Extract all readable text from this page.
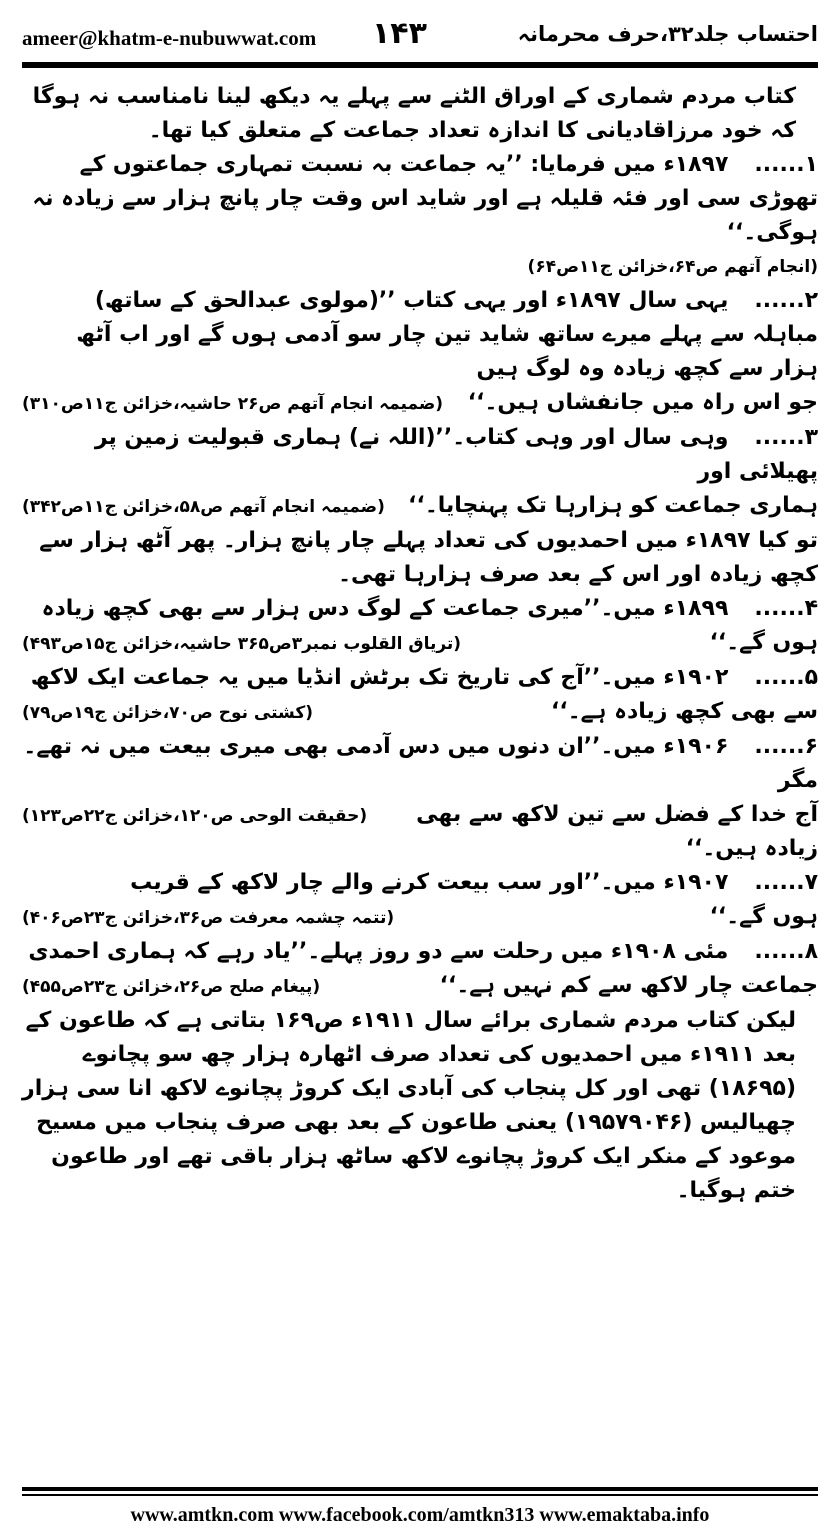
ameer@khatm-e-nubuwwat.com ۱۴۳	احتساب جلد۳۲،حرف محرمانہ

کتاب مردم شماری کے اوراق الٹنے سے پہلے یہ دیکھ لینا نامناسب نہ ہوگا کہ خود مرزاقادیانی کا اندازہ تعداد جماعت کے متعلق کیا تھا۔

۱......۱۸۹۷ء میں فرمایا: ’’یہ جماعت بہ نسبت تمہاری جماعتوں کے تھوڑی سی اور فئہ قلیلہ ہے اور شاید اس وقت چار پانچ ہزار سے زیادہ نہ ہوگی۔‘‘

(انجام آتھم ص۶۴،خزائن ج۱۱ص۶۴)

۲......یہی سال ۱۸۹۷ء اور یہی کتاب ’’(مولوی عبدالحق کے ساتھ) مباہلہ سے پہلے میرے ساتھ شاید تین چار سو آدمی ہوں گے اور اب آٹھ ہزار سے کچھ زیادہ وہ لوگ ہیں

جو اس راہ میں جانفشاں ہیں۔‘‘
(ضمیمہ انجام آتھم ص۲۶ حاشیہ،خزائن ج۱۱ص۳۱۰)

۳......وہی سال اور وہی کتاب۔’’(اللہ نے) ہماری قبولیت زمین پر پھیلائی اور

ہماری جماعت کو ہزارہا تک پہنچایا۔‘‘
(ضمیمہ انجام آتھم ص۵۸،خزائن ج۱۱ص۳۴۲)

تو کیا ۱۸۹۷ء میں احمدیوں کی تعداد پہلے چار پانچ ہزار۔ پھر آٹھ ہزار سے کچھ زیادہ اور اس کے بعد صرف ہزارہا تھی۔

۴......۱۸۹۹ء میں۔’’میری جماعت کے لوگ دس ہزار سے بھی کچھ زیادہ

ہوں گے۔‘‘
(تریاق القلوب نمبر۳ص۳۶۵ حاشیہ،خزائن ج۱۵ص۴۹۳)

۵......۱۹۰۲ء میں۔’’آج کی تاریخ تک برٹش انڈیا میں یہ جماعت ایک لاکھ

سے بھی کچھ زیادہ ہے۔‘‘
(کشتی نوح ص۷۰،خزائن ج۱۹ص۷۹)

۶......۱۹۰۶ء میں۔’’ان دنوں میں دس آدمی بھی میری بیعت میں نہ تھے۔ مگر

آج خدا کے فضل سے تین لاکھ سے بھی زیادہ ہیں۔‘‘
(حقیقت الوحی ص۱۲۰،خزائن ج۲۲ص۱۲۳)

۷......۱۹۰۷ء میں۔’’اور سب بیعت کرنے والے چار لاکھ کے قریب

ہوں گے۔‘‘
(تتمہ چشمہ معرفت ص۳۶،خزائن ج۲۳ص۴۰۶)

۸......مئی ۱۹۰۸ء میں رحلت سے دو روز پہلے۔’’یاد رہے کہ ہماری احمدی

جماعت چار لاکھ سے کم نہیں ہے۔‘‘
(پیغام صلح ص۲۶،خزائن ج۲۳ص۴۵۵)

لیکن کتاب مردم شماری برائے سال ۱۹۱۱ء ص۱۶۹ بتاتی ہے کہ طاعون کے بعد ۱۹۱۱ء میں احمدیوں کی تعداد صرف اٹھارہ ہزار چھ سو پچانوے (۱۸۶۹۵) تھی اور کل پنجاب کی آبادی ایک کروڑ پچانوے لاکھ انا سی ہزار چھیالیس (۱۹۵۷۹۰۴۶) یعنی طاعون کے بعد بھی صرف پنجاب میں مسیح موعود کے منکر ایک کروڑ پچانوے لاکھ ساٹھ ہزار باقی تھے اور طاعون ختم ہوگیا۔

www.amtkn.com www.facebook.com/amtkn313 www.emaktaba.info
